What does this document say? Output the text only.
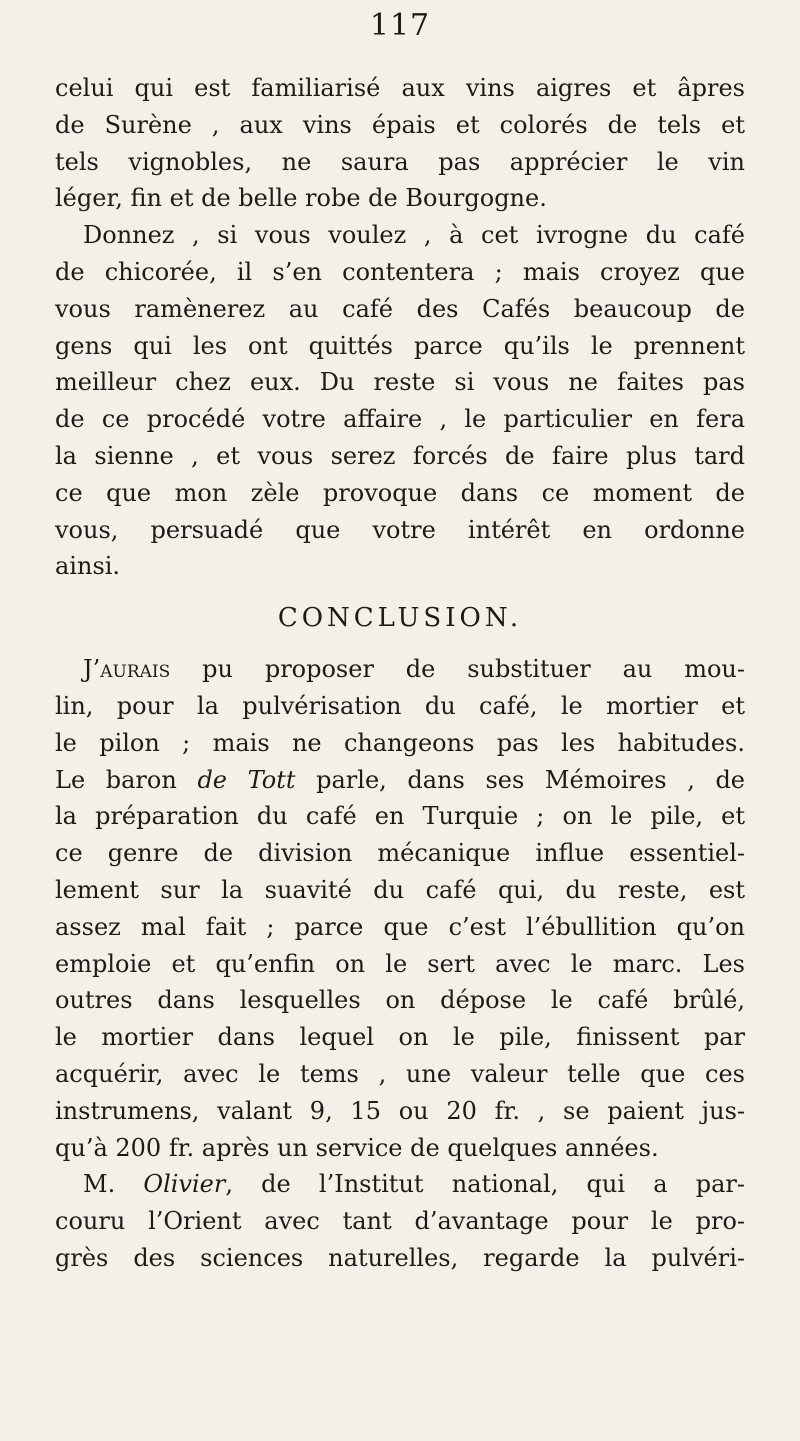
117
celui qui est familiarisé aux vins aigres et âpres
de Surène , aux vins épais et colorés de tels et
tels vignobles, ne saura pas apprécier le vin
léger, fin et de belle robe de Bourgogne.
Donnez , si vous voulez , à cet ivrogne du café
de chicorée, il s’en contentera ; mais croyez que
vous ramènerez au café des Cafés beaucoup de
gens qui les ont quittés parce qu’ils le prennent
meilleur chez eux. Du reste si vous ne faites pas
de ce procédé votre affaire , le particulier en fera
la sienne , et vous serez forcés de faire plus tard
ce que mon zèle provoque dans ce moment de
vous, persuadé que votre intérêt en ordonne
ainsi.
CONCLUSION.
J’aurais pu proposer de substituer au mou-
lin, pour la pulvérisation du café, le mortier et
le pilon ; mais ne changeons pas les habitudes.
Le baron de Tott parle, dans ses Mémoires , de
la préparation du café en Turquie ; on le pile, et
ce genre de division mécanique influe essentiel-
lement sur la suavité du café qui, du reste, est
assez mal fait ; parce que c’est l’ébullition qu’on
emploie et qu’enfin on le sert avec le marc. Les
outres dans lesquelles on dépose le café brûlé,
le mortier dans lequel on le pile, finissent par
acquérir, avec le tems , une valeur telle que ces
instrumens, valant 9, 15 ou 20 fr. , se paient jus-
qu’à 200 fr. après un service de quelques années.
M. Olivier, de l’Institut national, qui a par-
couru l’Orient avec tant d’avantage pour le pro-
grès des sciences naturelles, regarde la pulvéri-
